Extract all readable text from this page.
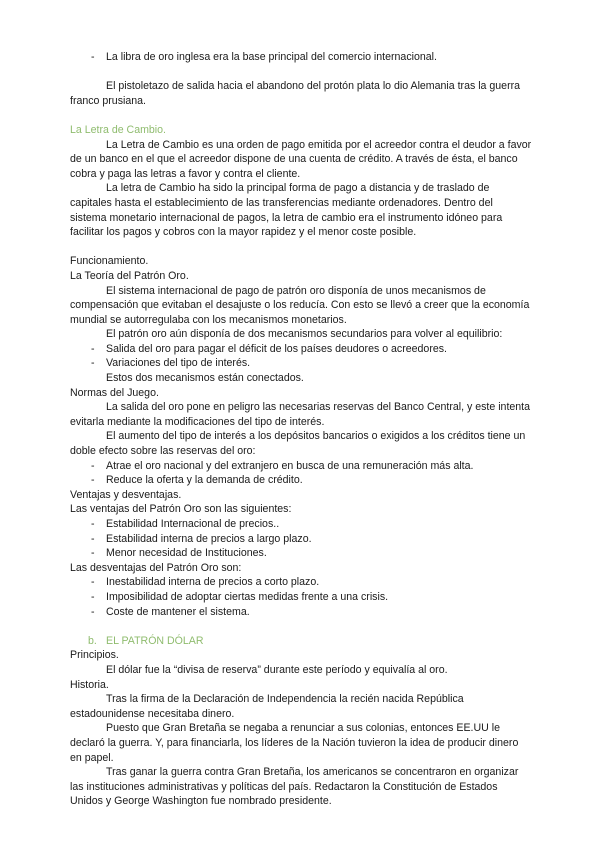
- La libra de oro inglesa era la base principal del comercio internacional.

El pistoletazo de salida hacia el abandono del protón plata lo dio Alemania tras la guerra franco prusiana.

La Letra de Cambio.

La Letra de Cambio es una orden de pago emitida por el acreedor contra el deudor a favor de un banco en el que el acreedor dispone de una cuenta de crédito. A través de ésta, el banco cobra y paga las letras a favor y contra el cliente.

La letra de Cambio ha sido la principal forma de pago a distancia y de traslado de capitales hasta el establecimiento de las transferencias mediante ordenadores. Dentro del sistema monetario internacional de pagos, la letra de cambio era el instrumento idóneo para facilitar los pagos y cobros con la mayor rapidez y el menor coste posible.

Funcionamiento.

La Teoría del Patrón Oro.

El sistema internacional de pago de patrón oro disponía de unos mecanismos de compensación que evitaban el desajuste o los reducía. Con esto se llevó a creer que la economía mundial se autorregulaba con los mecanismos monetarios.

El patrón oro aún disponía de dos mecanismos secundarios para volver al equilibrio:

- Salida del oro para pagar el déficit de los países deudores o acreedores.

- Variaciones del tipo de interés.

Estos dos mecanismos están conectados.

Normas del Juego.

La salida del oro pone en peligro las necesarias reservas del Banco Central, y este intenta evitarla mediante la modificaciones del tipo de interés.

El aumento del tipo de interés a los depósitos bancarios o exigidos a los créditos tiene un doble efecto sobre las reservas del oro:

- Atrae el oro nacional y del extranjero en busca de una remuneración más alta.

- Reduce la oferta y la demanda de crédito.

Ventajas y desventajas.

Las ventajas del Patrón Oro son las siguientes:

- Estabilidad Internacional de precios..

- Estabilidad interna de precios a largo plazo.

- Menor necesidad de Instituciones.

Las desventajas del Patrón Oro son:

- Inestabilidad interna de precios a corto plazo.

- Imposibilidad de adoptar ciertas medidas frente a una crisis.

- Coste de mantener el sistema.

b. EL PATRÓN DÓLAR

Principios.

El dólar fue la “divisa de reserva” durante este período y equivalía al oro.

Historia.

Tras la firma de la Declaración de Independencia la recién nacida República estadounidense necesitaba dinero.

Puesto que Gran Bretaña se negaba a renunciar a sus colonias, entonces EE.UU le declaró la guerra. Y, para financiarla, los líderes de la Nación tuvieron la idea de producir dinero en papel.

Tras ganar la guerra contra Gran Bretaña, los americanos se concentraron en organizar las instituciones administrativas y políticas del país. Redactaron la Constitución de Estados Unidos y George Washington fue nombrado presidente.
